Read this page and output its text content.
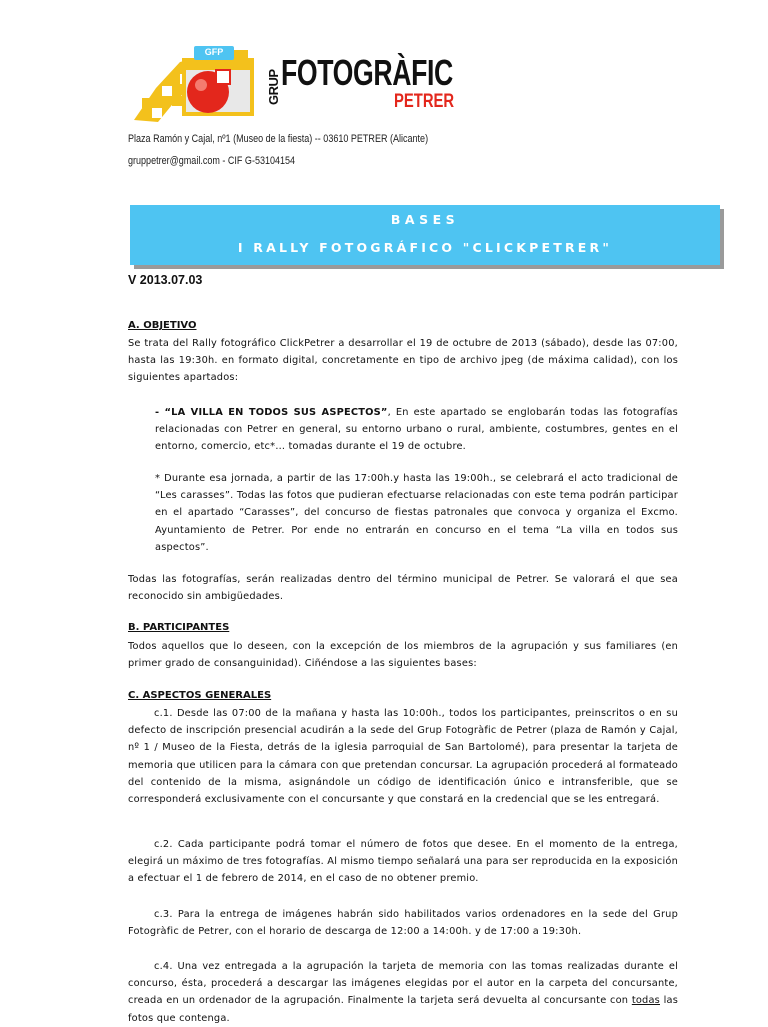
GFP
GRUP FOTOGRÀFIC
PETRER
Plaza Ramón y Cajal, nº1 (Museo de la fiesta) -- 03610 PETRER (Alicante)
gruppetrer@gmail.com - CIF G-53104154
BASES
I RALLY FOTOGRÁFICO "CLICKPETRER"
V 2013.07.03
A. OBJETIVO

Se trata del Rally fotográfico ClickPetrer a desarrollar el 19 de octubre de 2013 (sábado), desde las 07:00, hasta las 19:30h. en formato digital, concretamente en tipo de archivo jpeg (de máxima calidad), con los siguientes apartados:

- “LA VILLA EN TODOS SUS ASPECTOS”, En este apartado se englobarán todas las fotografías relacionadas con Petrer en general, su entorno urbano o rural, ambiente, costumbres, gentes en el entorno, comercio, etc*… tomadas durante el 19 de octubre.

* Durante esa jornada, a partir de las 17:00h.y hasta las 19:00h., se celebrará el acto tradicional de “Les carasses”. Todas las fotos que pudieran efectuarse relacionadas con este tema podrán participar en el apartado “Carasses”, del concurso de fiestas patronales que convoca y organiza el Excmo. Ayuntamiento de Petrer. Por ende no entrarán en concurso en el tema “La villa en todos sus aspectos”.

Todas las fotografías, serán realizadas dentro del término municipal de Petrer. Se valorará el que sea reconocido sin ambigüedades.

B. PARTICIPANTES

Todos aquellos que lo deseen, con la excepción de los miembros de la agrupación y sus familiares (en primer grado de consanguinidad). Ciñéndose a las siguientes bases:

C. ASPECTOS GENERALES

c.1. Desde las 07:00 de la mañana y hasta las 10:00h., todos los participantes, preinscritos o en su defecto de inscripción presencial acudirán a la sede del Grup Fotogràfic de Petrer (plaza de Ramón y Cajal, nº 1 / Museo de la Fiesta, detrás de la iglesia parroquial de San Bartolomé), para presentar la tarjeta de memoria que utilicen para la cámara con que pretendan concursar. La agrupación procederá al formateado del contenido de la misma, asignándole un código de identificación único e intransferible, que se corresponderá exclusivamente con el concursante y que constará en la credencial que se les entregará.

c.2. Cada participante podrá tomar el número de fotos que desee. En el momento de la entrega, elegirá un máximo de tres fotografías. Al mismo tiempo señalará una para ser reproducida en la exposición a efectuar el 1 de febrero de 2014, en el caso de no obtener premio.

c.3. Para la entrega de imágenes habrán sido habilitados varios ordenadores en la sede del Grup Fotogràfic de Petrer, con el horario de descarga de 12:00 a 14:00h. y de 17:00 a 19:30h.

c.4. Una vez entregada a la agrupación la tarjeta de memoria con las tomas realizadas durante el concurso, ésta, procederá a descargar las imágenes elegidas por el autor en la carpeta del concursante, creada en un ordenador de la agrupación. Finalmente la tarjeta será devuelta al concursante con todas las fotos que contenga.
